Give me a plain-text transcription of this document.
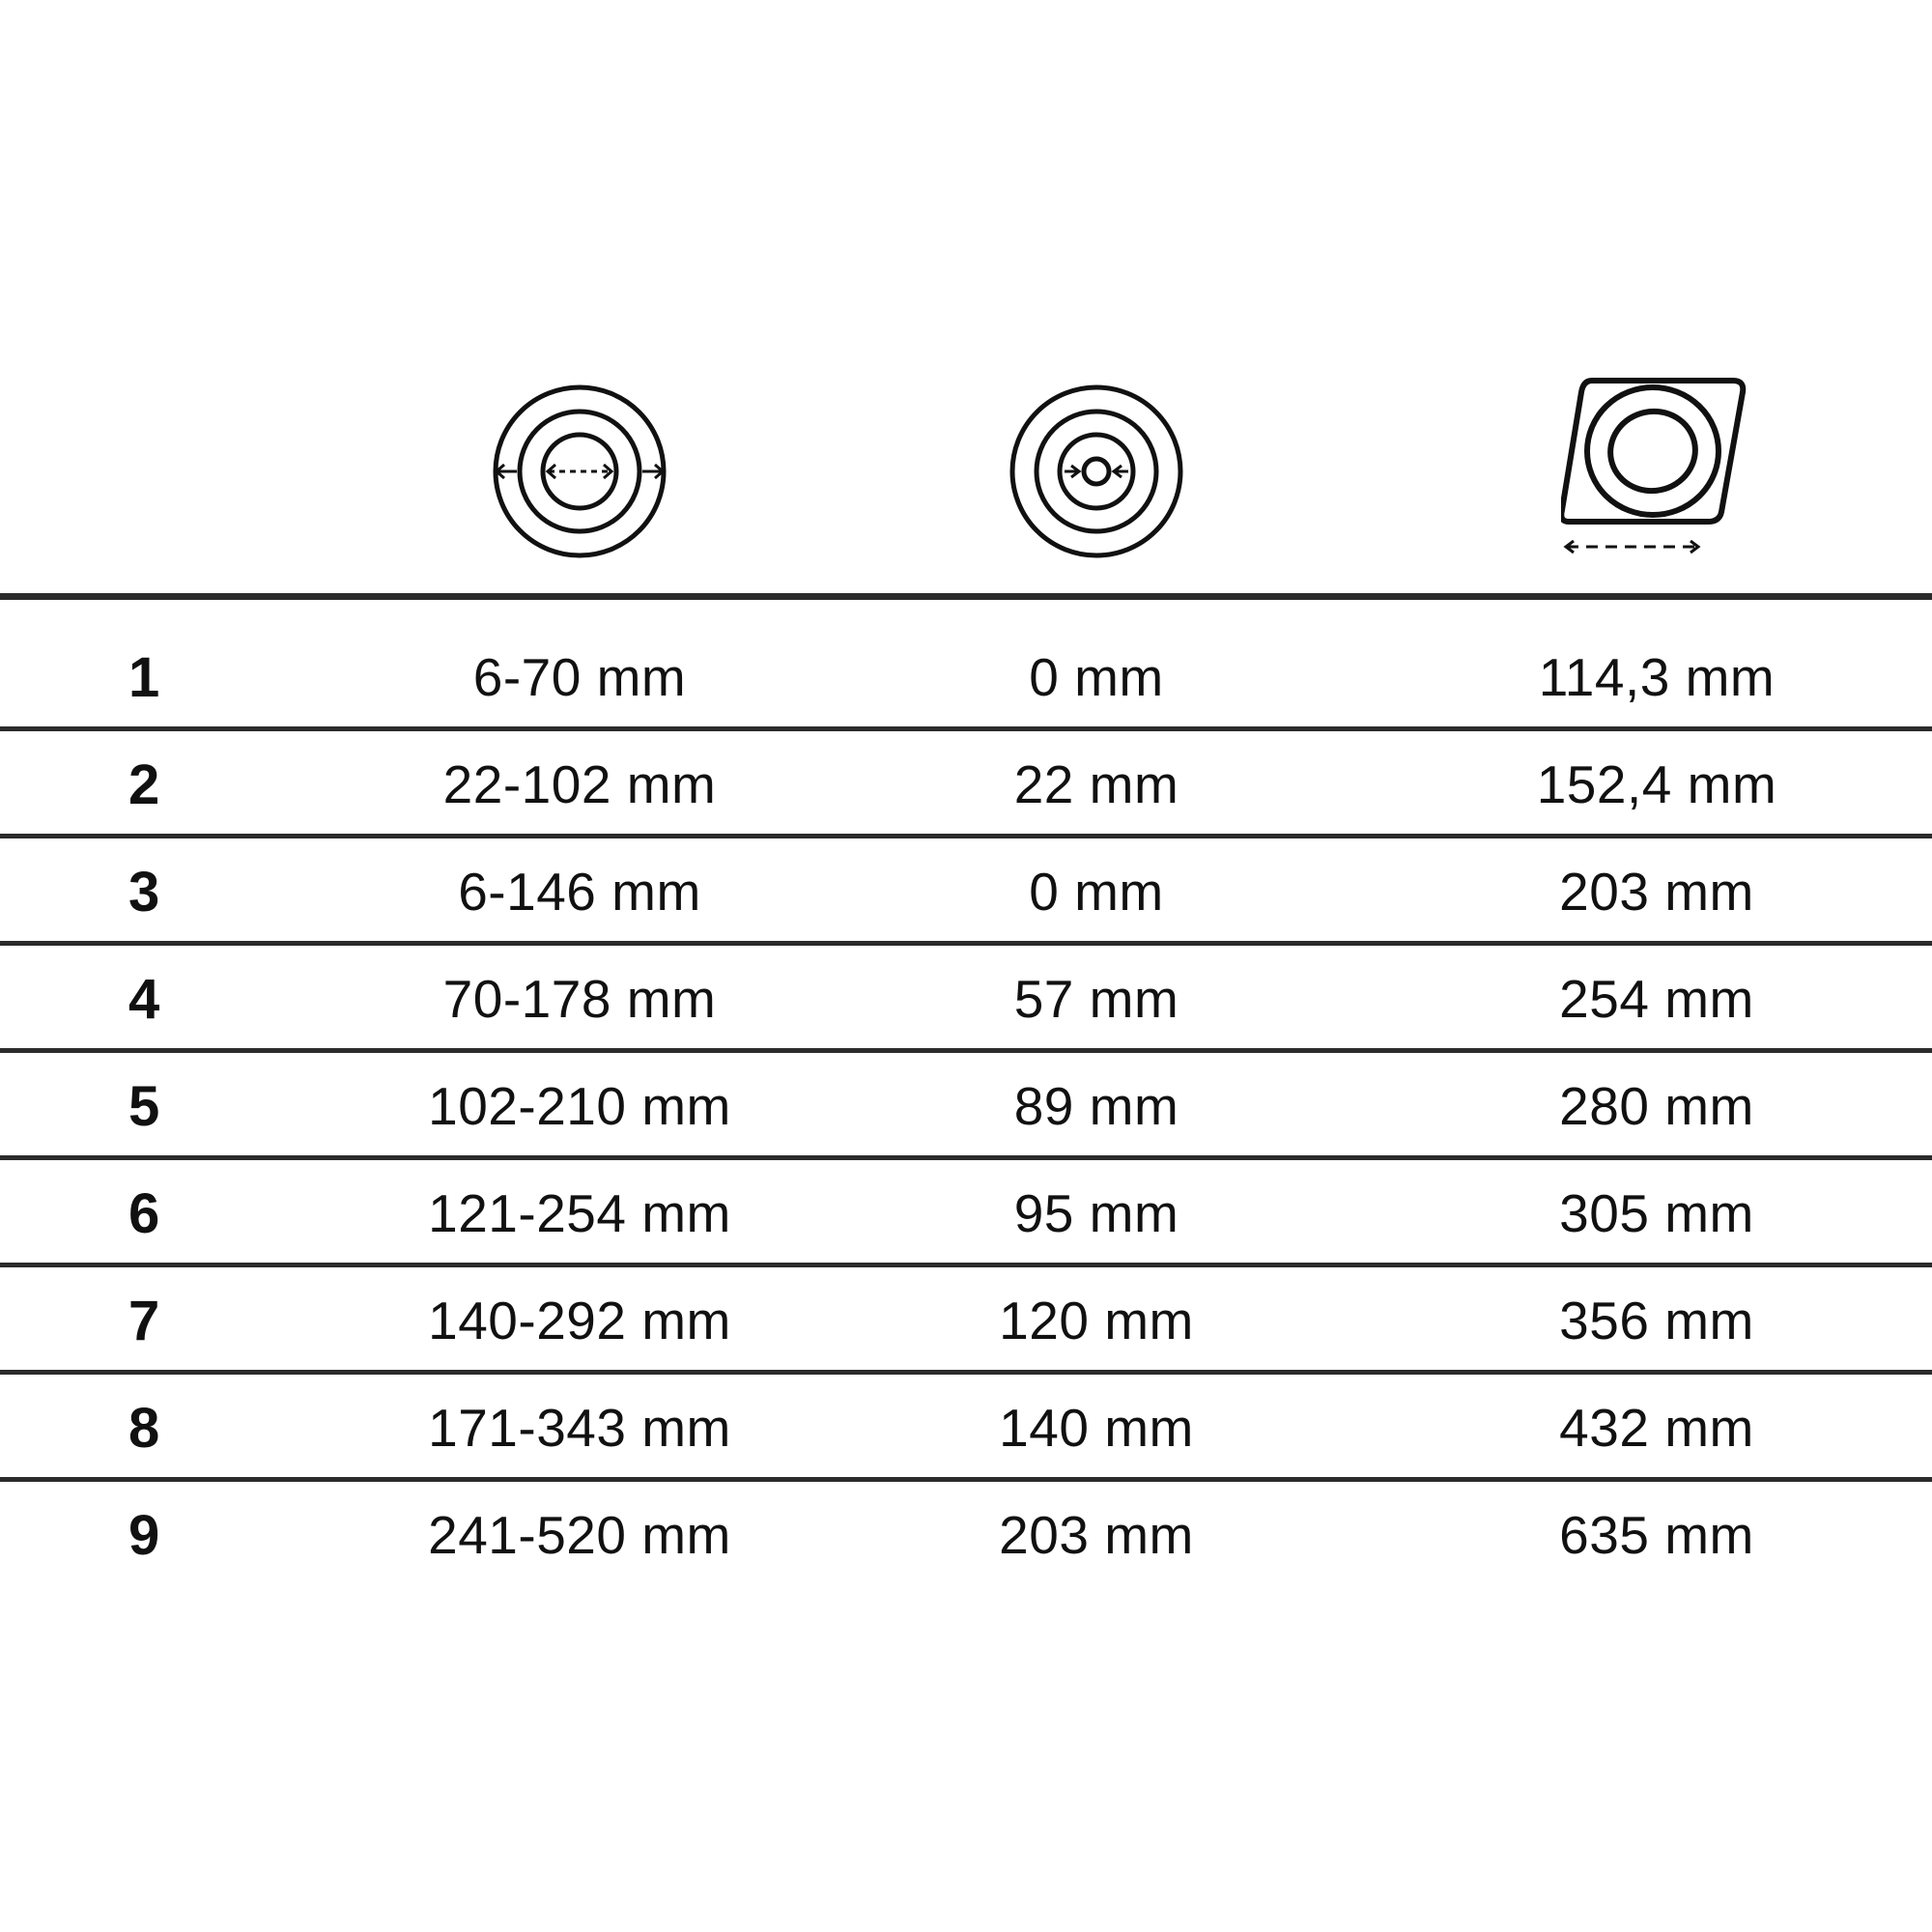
1	6-70 mm	0 mm	114,3 mm
2	22-102 mm	22 mm	152,4 mm
3	6-146 mm	0 mm	203 mm
4	70-178 mm	57 mm	254 mm
5	102-210 mm	89 mm	280 mm
6	121-254 mm	95 mm	305 mm
7	140-292 mm	120 mm	356 mm
8	171-343 mm	140 mm	432 mm
9	241-520 mm	203 mm	635 mm
